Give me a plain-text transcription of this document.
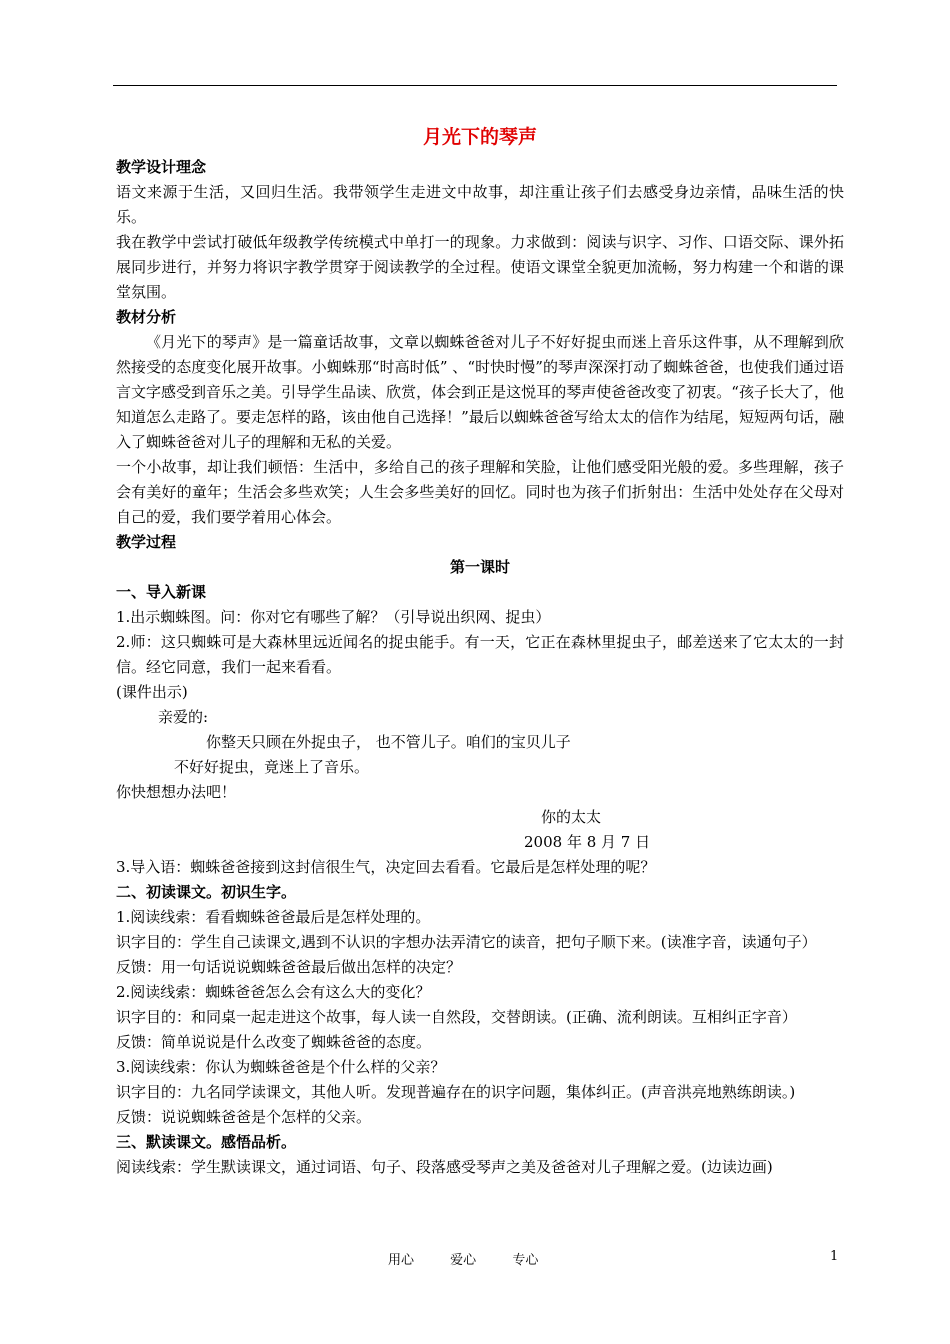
月光下的琴声
教学设计理念

语文来源于生活，又回归生活。我带领学生走进文中故事，却注重让孩子们去感受身边亲情，品味生活的快乐。

我在教学中尝试打破低年级教学传统模式中单打一的现象。力求做到：阅读与识字、习作、口语交际、课外拓展同步进行，并努力将识字教学贯穿于阅读教学的全过程。使语文课堂全貌更加流畅，努力构建一个和谐的课堂氛围。

教材分析

《月光下的琴声》是一篇童话故事，文章以蜘蛛爸爸对儿子不好好捉虫而迷上音乐这件事，从不理解到欣然接受的态度变化展开故事。小蜘蛛那“时高时低” 、“时快时慢”的琴声深深打动了蜘蛛爸爸，也使我们通过语言文字感受到音乐之美。引导学生品读、欣赏，体会到正是这悦耳的琴声使爸爸改变了初衷。“孩子长大了，他知道怎么走路了。要走怎样的路，该由他自己选择！”最后以蜘蛛爸爸写给太太的信作为结尾，短短两句话，融入了蜘蛛爸爸对儿子的理解和无私的关爱。

一个小故事，却让我们顿悟：生活中，多给自己的孩子理解和笑脸，让他们感受阳光般的爱。多些理解，孩子会有美好的童年；生活会多些欢笑；人生会多些美好的回忆。同时也为孩子们折射出：生活中处处存在父母对自己的爱，我们要学着用心体会。

教学过程
第一课时
一、导入新课

1.出示蜘蛛图。问：你对它有哪些了解？（引导说出织网、捉虫）

2.师：这只蜘蛛可是大森林里远近闻名的捉虫能手。有一天，它正在森林里捉虫子，邮差送来了它太太的一封信。经它同意，我们一起来看看。

(课件出示)

亲爱的:

你整天只顾在外捉虫子， 也不管儿子。咱们的宝贝儿子

不好好捉虫，竟迷上了音乐。

你快想想办法吧！

你的太太

2008 年 8 月 7 日

3.导入语：蜘蛛爸爸接到这封信很生气，决定回去看看。它最后是怎样处理的呢？

二、初读课文。初识生字。

1.阅读线索：看看蜘蛛爸爸最后是怎样处理的。

识字目的：学生自己读课文,遇到不认识的字想办法弄清它的读音，把句子顺下来。(读准字音，读通句子）

反馈：用一句话说说蜘蛛爸爸最后做出怎样的决定？

2.阅读线索：蜘蛛爸爸怎么会有这么大的变化？

识字目的：和同桌一起走进这个故事，每人读一自然段，交替朗读。(正确、流利朗读。互相纠正字音）

反馈：简单说说是什么改变了蜘蛛爸爸的态度。

3.阅读线索：你认为蜘蛛爸爸是个什么样的父亲？

识字目的：九名同学读课文，其他人听。发现普遍存在的识字问题，集体纠正。(声音洪亮地熟练朗读。)

反馈：说说蜘蛛爸爸是个怎样的父亲。

三、默读课文。感悟品析。

阅读线索：学生默读课文，通过词语、句子、段落感受琴声之美及爸爸对儿子理解之爱。(边读边画)

用心	爱心	专心	1
